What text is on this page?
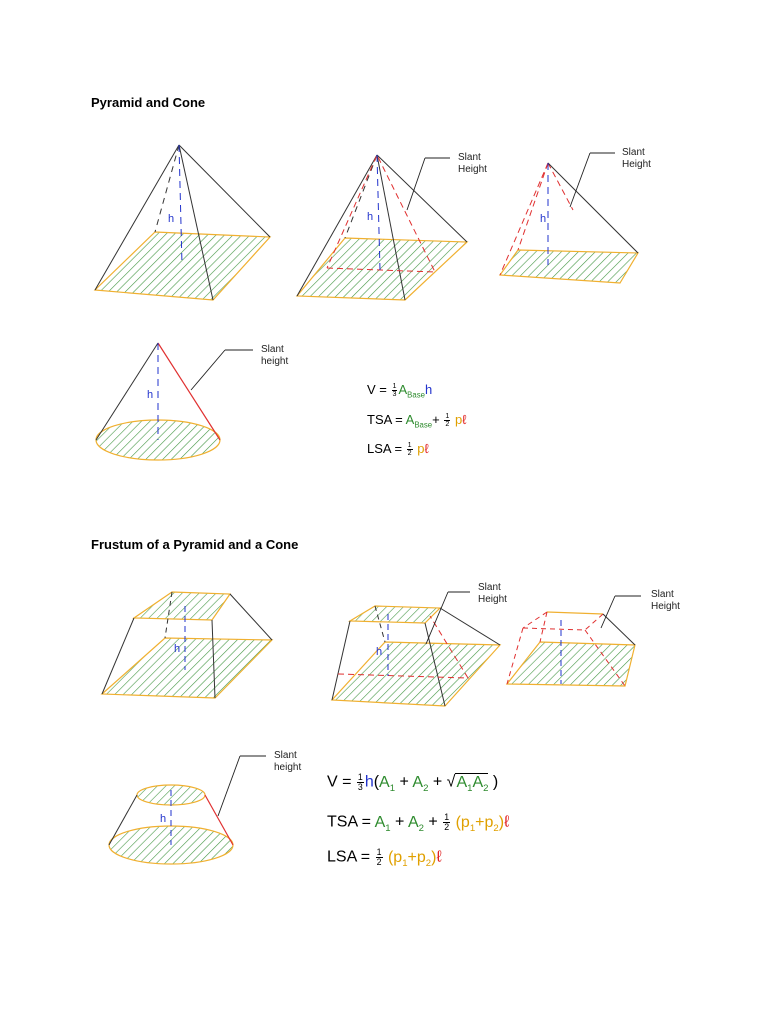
Pyramid and Cone
h	h
Slant Height
h
Slant Height
h
Slant height
$V = \frac{1}{3} A_{Base}h$
TSA = $A_{Base}+ \frac{1}{2}$ pℓ
LSA = $\frac{1}{2}$ pℓ
Frustum of a Pyramid and a Cone
h	h
Slant Height	Slant Height
h
Slant height
$V = \frac{1}{3} h(A_1 + A_2 + √A_1A_2$ )
TSA = $A_1 + A_2 + \frac{1}{2}$ $(p_1+p_2)\ell$
LSA = $\frac{1}{2}$ $(p_1+p_2)\ell$
